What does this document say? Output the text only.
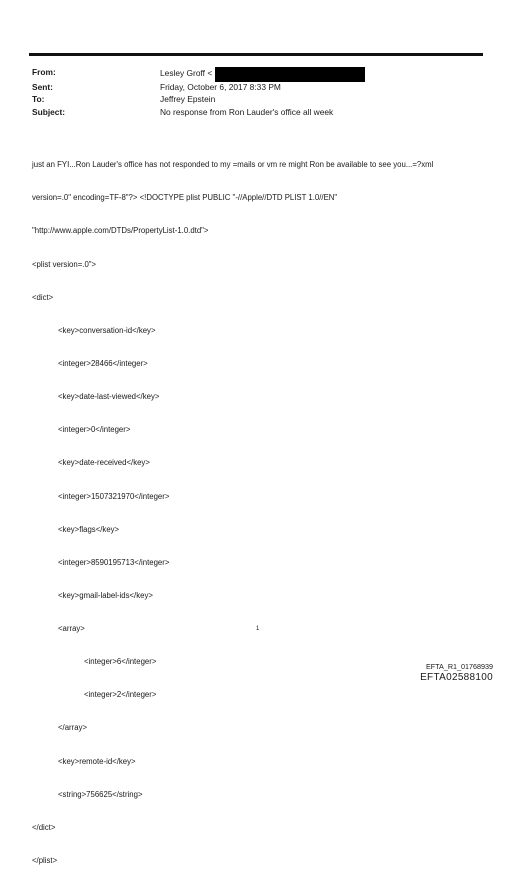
From:	Lesley Groff <
Sent:	Friday, October 6, 2017 8:33 PM
To:	Jeffrey Epstein
Subject:	No response from Ron Lauder's office all week

just an FYI...Ron Lauder's office has not responded to my =mails or vm re might Ron be available to see you...=?xml

version=.0" encoding=TF-8"?> <!DOCTYPE plist PUBLIC "-//Apple//DTD PLIST 1.0//EN"

"http://www.apple.com/DTDs/PropertyList-1.0.dtd">

<plist version=.0">

<dict>

<key>conversation-id</key>

<integer>28466</integer>

<key>date-last-viewed</key>

<integer>0</integer>

<key>date-received</key>

<integer>1507321970</integer>

<key>flags</key>

<integer>8590195713</integer>

<key>gmail-label-ids</key>

<array>

<integer>6</integer>

<integer>2</integer>

</array>

<key>remote-id</key>

<string>756625</string>

</dict>

</plist>

1
EFTA_R1_01768939
EFTA02588100
